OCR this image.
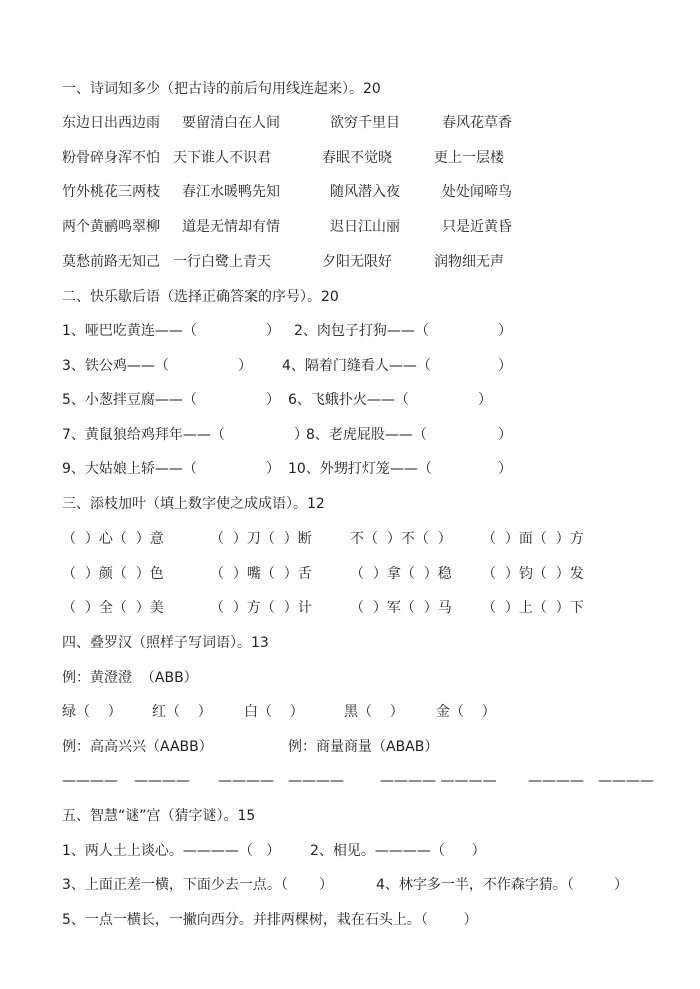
一、诗词知多少（把古诗的前后句用线连起来）。20
东边日出西边雨 要留清白在人间	欲穷千里目	春风花草香
粉骨碎身浑不怕 天下谁人不识君	春眠不觉晓	更上一层楼
竹外桃花三两枝 春江水暖鸭先知	随风潜入夜	处处闻啼鸟
两个黄鹂鸣翠柳 道是无情却有情	迟日江山丽	只是近黄昏
莫愁前路无知己 一行白鹭上青天	夕阳无限好	润物细无声
二、快乐歇后语（选择正确答案的序号）。20
1、哑巴吃黄连——（	） 2、肉包子打狗——（	）
3、铁公鸡——（	） 4、隔着门缝看人——（	）
5、小葱拌豆腐——（	） 6、飞蛾扑火——（	）
7、黄鼠狼给鸡拜年——（	）
8、老虎屁股——（	）
9、大姑娘上轿——（	） 10、外甥打灯笼——（	）
三、添枝加叶（填上数字使之成成语）。12
（  ）心（  ）意	（  ）刀（  ）断	不（  ）不（  ） （  ）面（  ）方
（  ）颜（  ）色	（  ）嘴（  ）舌	（  ）拿（  ）稳 （  ）钧（  ）发
（  ）全（  ）美	（  ）方（  ）计	（  ）军（  ）马 （  ）上（  ）下
四、叠罗汉（照样子写词语）。13
例：黄澄澄  （ABB）
绿（    ） 红（    ） 白（    ）	黑（    ） 金（    ）
例：高高兴兴（AABB）	例：商量商量（ABAB）
———— ———— ———— ————	———— ———— ———— ————
五、智慧“谜”宫（猜字谜）。15
1、两人土上谈心。————（   ） 2、相见。————（      ）
3、上面正差一横，下面少去一点。（       ）	4、林字多一半，不作森字猜。（         ）
5、一点一横长，一撇向西分。并排两棵树，栽在石头上。（        ）
